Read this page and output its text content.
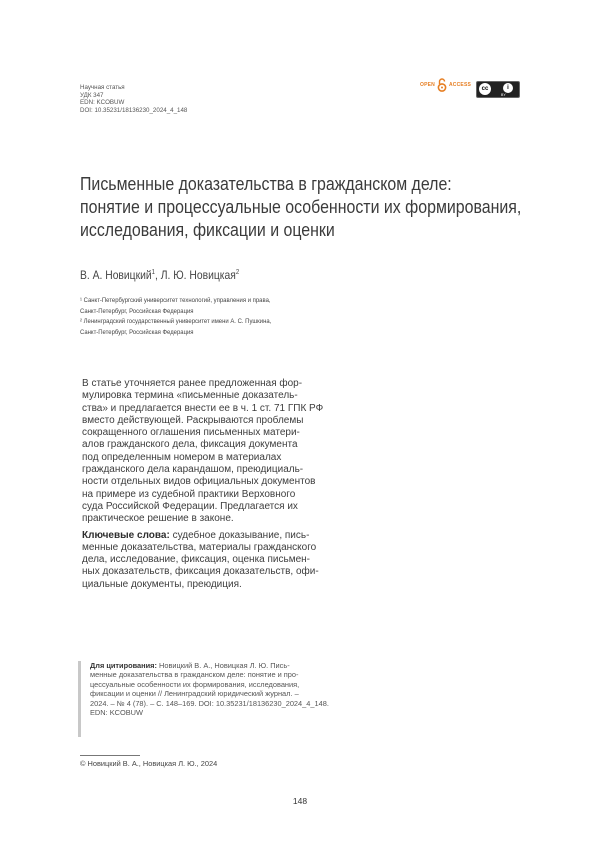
Научная статья
УДК 347
EDN: KCOBUW
DOI: 10.35231/18136230_2024_4_148
OPEN	ACCESS
cc	i
BY
Письменные доказательства в гражданском деле:
понятие и процессуальные особенности их формирования,
исследования, фиксации и оценки
В. А. Новицкий$^1$, Л. Ю. Новицкая$^2$
¹ Санкт-Петербургский университет технологий, управления и права,
Санкт-Петербург, Российская Федерация
² Ленинградский государственный университет имени А. С. Пушкина,
Санкт-Петербург, Российская Федерация
В статье уточняется ранее предложенная фор-
мулировка термина «письменные доказатель-
ства» и предлагается внести ее в ч. 1 ст. 71 ГПК РФ
вместо действующей. Раскрываются проблемы
сокращенного оглашения письменных матери-
алов гражданского дела, фиксация документа
под определенным номером в материалах
гражданского дела карандашом, преюдициаль-
ности отдельных видов официальных документов
на примере из судебной практики Верховного
суда Российской Федерации. Предлагается их
практическое решение в законе.
Ключевые слова: судебное доказывание, пись-
менные доказательства, материалы гражданского
дела, исследование, фиксация, оценка письмен-
ных доказательств, фиксация доказательств, офи-
циальные документы, преюдиция.
Для цитирования: Новицкий В. А., Новицкая Л. Ю. Пись-
менные доказательства в гражданском деле: понятие и про-
цессуальные особенности их формирования, исследования,
фиксации и оценки // Ленинградский юридический журнал. –
2024. – № 4 (78). – С. 148–169. DOI: 10.35231/18136230_2024_4_148.
EDN: KCOBUW
© Новицкий В. А., Новицкая Л. Ю., 2024
148
